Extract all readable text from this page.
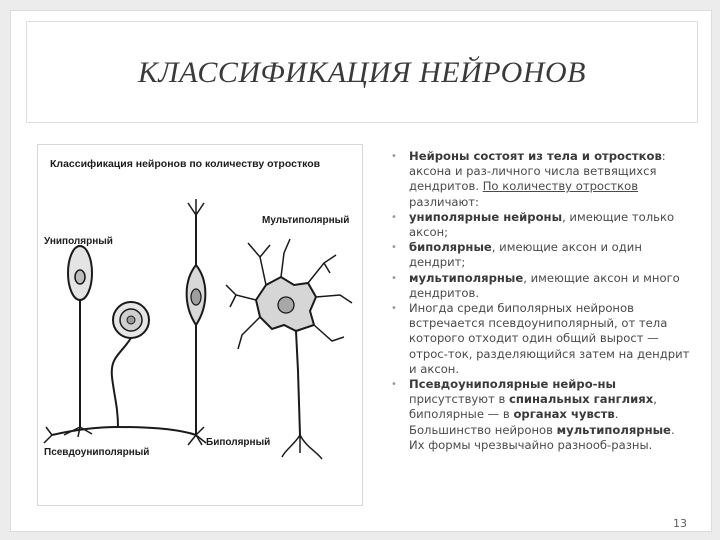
КЛАССИФИКАЦИЯ НЕЙРОНОВ
Классификация нейронов по количеству отростков
Униполярный
Псевдоуниполярный
Биполярный
Мультиполярный
• Нейроны состоят из тела и отростков: аксона и раз-личного числа ветвящихся дендритов. По количеству отростков различают:
• униполярные нейроны, имеющие только аксон;
• биполярные, имеющие аксон и один дендрит;
• мультиполярные, имеющие аксон и много дендритов.
• Иногда среди биполярных нейронов встречается псевдоуниполярный, от тела которого отходит один общий вырост — отрос-ток, разделяющийся затем на дендрит и аксон.
• Псевдоуниполярные нейро-ны присутствуют в спинальных ганглиях, биполярные — в органах чувств. Большинство нейронов мультиполярные. Их формы чрезвычайно разнооб-разны.
13
